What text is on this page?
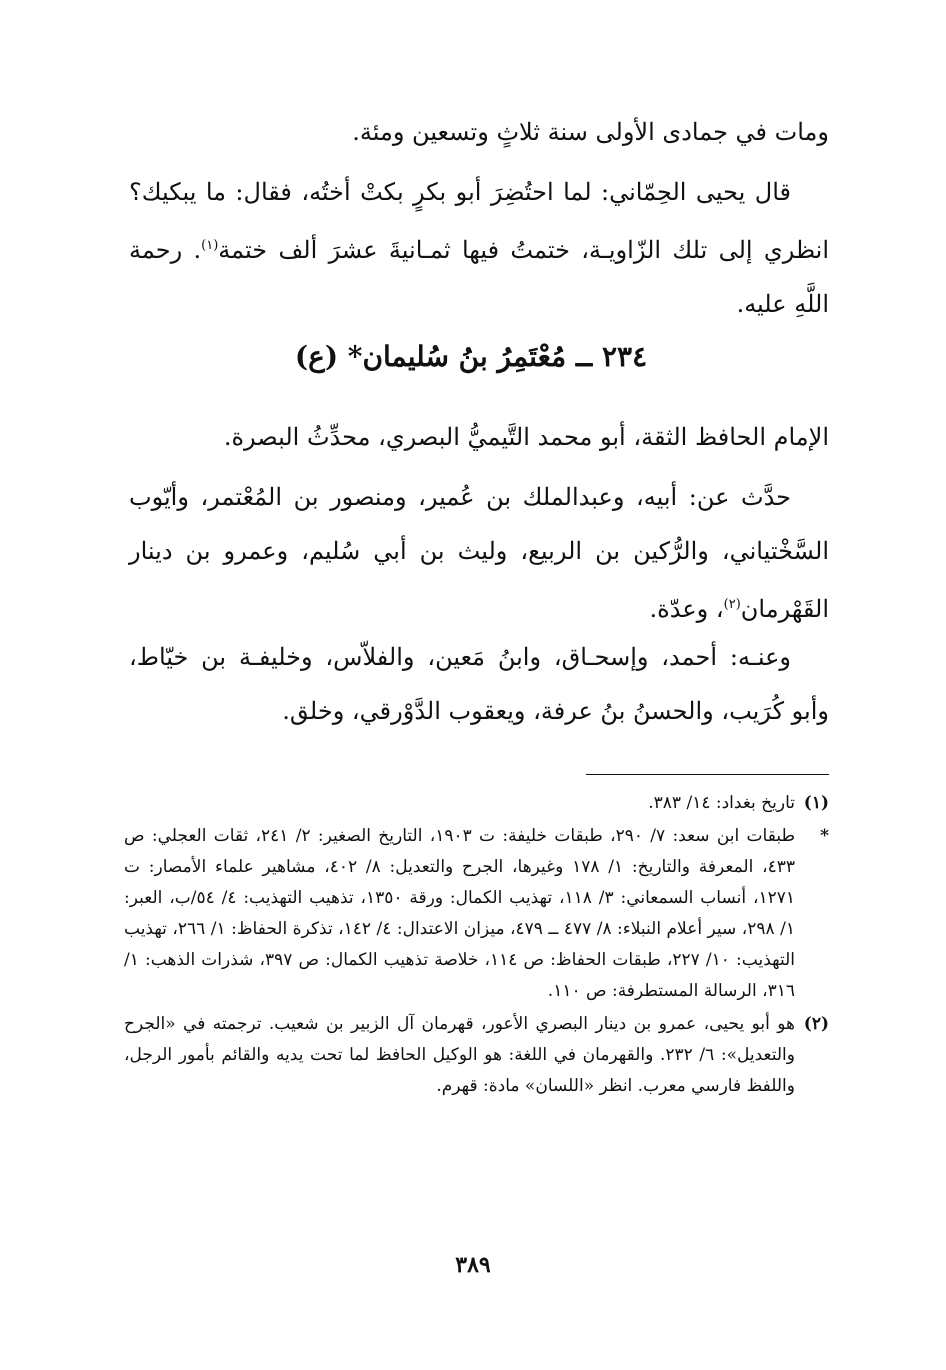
ومات في جمادى الأولى سنة ثلاثٍ وتسعين ومئة.

قال يحيى الحِمّاني: لما احتُضِرَ أبو بكرٍ بكتْ أختُه، فقال: ما يبكيك؟ انظري إلى تلك الزّاويـة، ختمتُ فيها ثمـانيةَ عشرَ ألف ختمة$^{(١)}$. رحمة اللَّهِ عليه.

٢٣٤ ــ مُعْتَمِرُ بنُ سُليمان* (ع)

الإمام الحافظ الثقة، أبو محمد التَّيميُّ البصري، محدِّثُ البصرة.

حدَّث عن: أبيه، وعبدالملك بن عُمير، ومنصور بن المُعْتمر، وأيّوب السَّخْتياني، والرُّكين بن الربيع، وليث بن أبي سُليم، وعمرو بن دينار القَهْرمان$^{(٢)}$، وعدّة.

وعنـه: أحمد، وإسحـاق، وابنُ مَعين، والفلاّس، وخليفـة بن خيّاط، وأبو كُرَيب، والحسنُ بنُ عرفة، ويعقوب الدَّوْرقي، وخلق.

(١)
تاريخ بغداد: ١٤/ ٣٨٣.
*
طبقات ابن سعد: ٧/ ٢٩٠، طبقات خليفة: ت ١٩٠٣، التاريخ الصغير: ٢/ ٢٤١، ثقات العجلي: ص ٤٣٣، المعرفة والتاريخ: ١/ ١٧٨ وغيرها، الجرح والتعديل: ٨/ ٤٠٢، مشاهير علماء الأمصار: ت ١٢٧١، أنساب السمعاني: ٣/ ١١٨، تهذيب الكمال: ورقة ١٣٥٠، تذهيب التهذيب: ٤/ ٥٤/ب، العبر: ١/ ٢٩٨، سير أعلام النبلاء: ٨/ ٤٧٧ ــ ٤٧٩، ميزان الاعتدال: ٤/ ١٤٢، تذكرة الحفاظ: ١/ ٢٦٦، تهذيب التهذيب: ١٠/ ٢٢٧، طبقات الحفاظ: ص ١١٤، خلاصة تذهيب الكمال: ص ٣٩٧، شذرات الذهب: ١/ ٣١٦، الرسالة المستطرفة: ص ١١٠.
(٢)
هو أبو يحيى، عمرو بن دينار البصري الأعور، قهرمان آل الزبير بن شعيب. ترجمته في «الجرح والتعديل»: ٦/ ٢٣٢. والقهرمان في اللغة: هو الوكيل الحافظ لما تحت يديه والقائم بأمور الرجل، واللفظ فارسي معرب. انظر «اللسان» مادة: قهرم.
٣٨٩
